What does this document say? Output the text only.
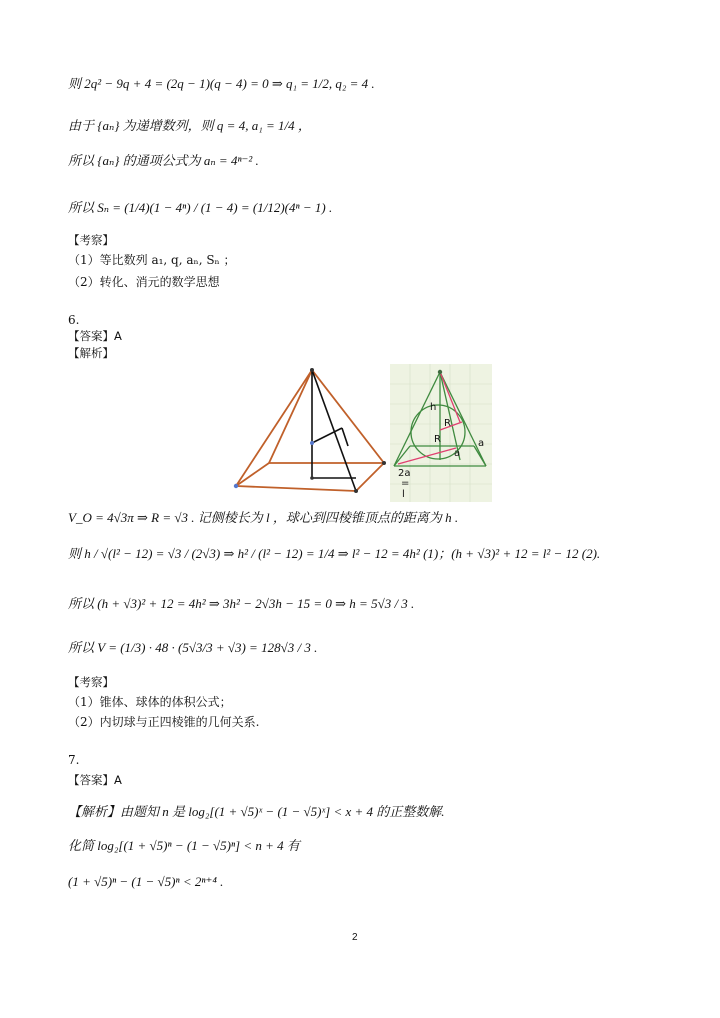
则 2q² − 9q + 4 = (2q − 1)(q − 4) = 0 ⇒ q₁ = 1/2, q₂ = 4 .
由于 {aₙ} 为递增数列，则 q = 4, a₁ = 1/4 ，
所以 {aₙ} 的通项公式为 aₙ = 4ⁿ⁻² .
所以 Sₙ = (1/4)(1 − 4ⁿ) / (1 − 4) = (1/12)(4ⁿ − 1) .
【考察】
（1）等比数列 a₁, q, aₙ, Sₙ ；
（2）转化、消元的数学思想
6.
【答案】A
【解析】
h
R
R	a
a
2a
=
l
V_O = 4√3π ⇒ R = √3 . 记侧棱长为 l ，球心到四棱锥顶点的距离为 h .
则 h / √(l² − 12) = √3 / (2√3) ⇒ h² / (l² − 12) = 1/4 ⇒ l² − 12 = 4h² (1)；(h + √3)² + 12 = l² − 12 (2).
所以 (h + √3)² + 12 = 4h² ⇒ 3h² − 2√3h − 15 = 0 ⇒ h = 5√3 / 3 .
所以 V = (1/3) · 48 · (5√3/3 + √3) = 128√3 / 3 .
【考察】
（1）锥体、球体的体积公式；
（2）内切球与正四棱锥的几何关系.
7.
【答案】A
【解析】由题知 n 是 log₂[(1 + √5)ˣ − (1 − √5)ˣ] < x + 4 的正整数解.
化简 log₂[(1 + √5)ⁿ − (1 − √5)ⁿ] < n + 4 有
(1 + √5)ⁿ − (1 − √5)ⁿ < 2ⁿ⁺⁴ .
2
